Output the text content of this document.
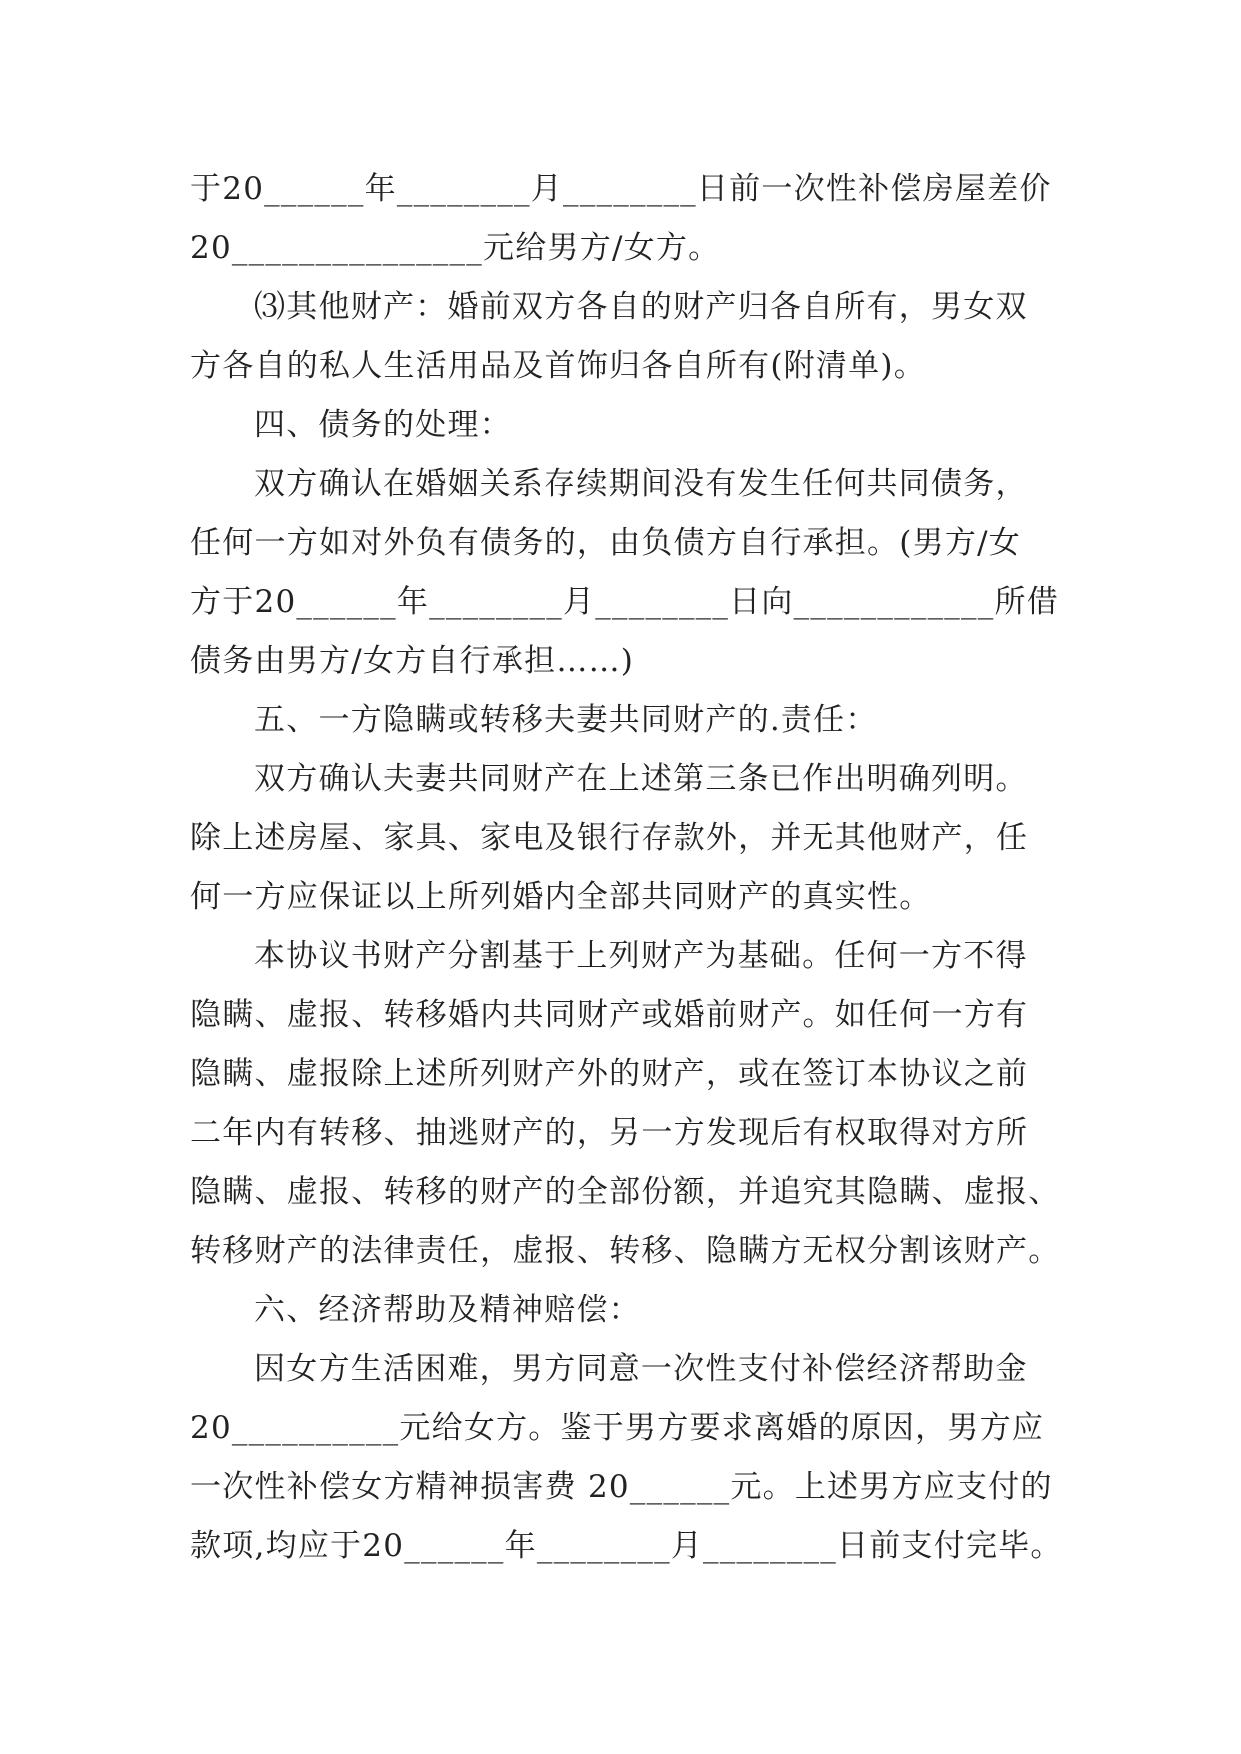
于20______年________月________日前一次性补偿房屋差价
20_______________元给男方/女方。
⑶其他财产：婚前双方各自的财产归各自所有，男女双
方各自的私人生活用品及首饰归各自所有(附清单)。
四、债务的处理：
双方确认在婚姻关系存续期间没有发生任何共同债务，
任何一方如对外负有债务的，由负债方自行承担。(男方/女
方于20______年________月________日向____________所借
债务由男方/女方自行承担……)
五、一方隐瞒或转移夫妻共同财产的.责任：
双方确认夫妻共同财产在上述第三条已作出明确列明。
除上述房屋、家具、家电及银行存款外，并无其他财产，任
何一方应保证以上所列婚内全部共同财产的真实性。
本协议书财产分割基于上列财产为基础。任何一方不得
隐瞒、虚报、转移婚内共同财产或婚前财产。如任何一方有
隐瞒、虚报除上述所列财产外的财产，或在签订本协议之前
二年内有转移、抽逃财产的，另一方发现后有权取得对方所
隐瞒、虚报、转移的财产的全部份额，并追究其隐瞒、虚报、
转移财产的法律责任，虚报、转移、隐瞒方无权分割该财产。
六、经济帮助及精神赔偿：
因女方生活困难，男方同意一次性支付补偿经济帮助金
20__________元给女方。鉴于男方要求离婚的原因，男方应
一次性补偿女方精神损害费 20______元。上述男方应支付的
款项,均应于20______年________月________日前支付完毕。
